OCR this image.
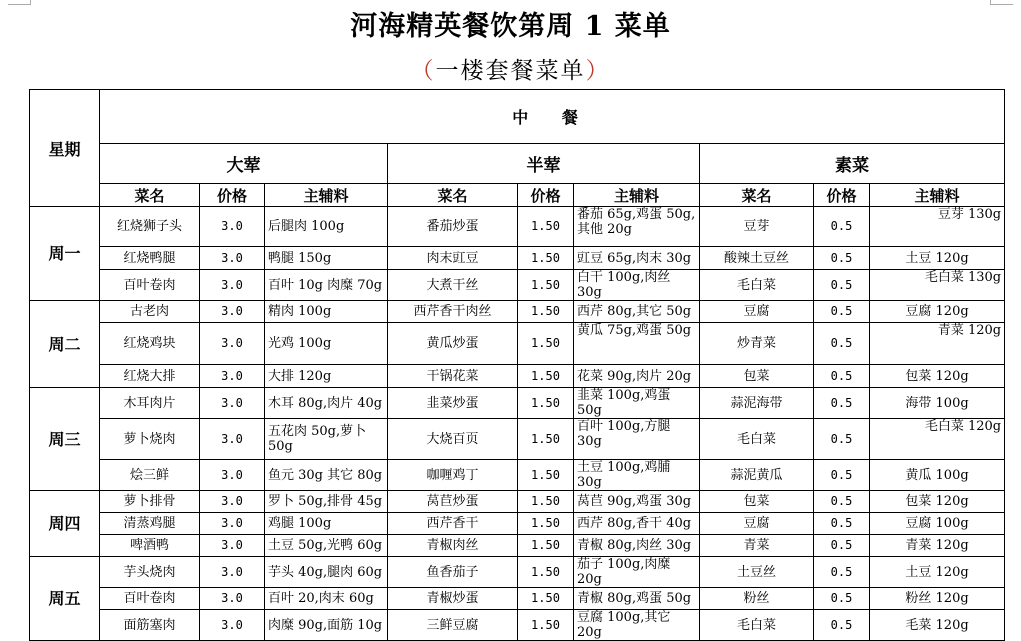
河海精英餐饮第周 1 菜单
（一楼套餐菜单）
星期	中 餐								
	大荤			半荤			素菜		
	菜名	价格	主辅料	菜名	价格	主辅料	菜名	价格	主辅料
周一	红烧狮子头	3.0	后腿肉 100g	番茄炒蛋	1.50	番茄 65g,鸡蛋 50g,其他 20g	豆芽	0.5	豆芽 130g
	红烧鸭腿	3.0	鸭腿 150g	肉末豇豆	1.50	豇豆 65g,肉末 30g	酸辣土豆丝	0.5	土豆 120g
	百叶卷肉	3.0	百叶 10g 肉糜 70g	大煮干丝	1.50	白干 100g,肉丝 30g	毛白菜	0.5	毛白菜 130g
周二	古老肉	3.0	精肉 100g	西芹香干肉丝	1.50	西芹 80g,其它 50g	豆腐	0.5	豆腐 120g
	红烧鸡块	3.0	光鸡 100g	黄瓜炒蛋	1.50	黄瓜 75g,鸡蛋 50g	炒青菜	0.5	青菜 120g
	红烧大排	3.0	大排 120g	干锅花菜	1.50	花菜 90g,肉片 20g	包菜	0.5	包菜 120g
周三	木耳肉片	3.0	木耳 80g,肉片 40g	韭菜炒蛋	1.50	韭菜 100g,鸡蛋 50g	蒜泥海带	0.5	海带 100g
	萝卜烧肉	3.0	五花肉 50g,萝卜 50g	大烧百页	1.50	百叶 100g,方腿 30g	毛白菜	0.5	毛白菜 120g
	烩三鲜	3.0	鱼元 30g 其它 80g	咖喱鸡丁	1.50	土豆 100g,鸡脯 30g	蒜泥黄瓜	0.5	黄瓜 100g
周四	萝卜排骨	3.0	罗卜 50g,排骨 45g	莴苣炒蛋	1.50	莴苣 90g,鸡蛋 30g	包菜	0.5	包菜 120g
	清蒸鸡腿	3.0	鸡腿 100g	西芹香干	1.50	西芹 80g,香干 40g	豆腐	0.5	豆腐 100g
	啤酒鸭	3.0	土豆 50g,光鸭 60g	青椒肉丝	1.50	青椒 80g,肉丝 30g	青菜	0.5	青菜 120g
周五	芋头烧肉	3.0	芋头 40g,腿肉 60g	鱼香茄子	1.50	茄子 100g,肉糜 20g	土豆丝	0.5	土豆 120g
	百叶卷肉	3.0	百叶 20,肉末 60g	青椒炒蛋	1.50	青椒 80g,鸡蛋 50g	粉丝	0.5	粉丝 120g
	面筋塞肉	3.0	肉糜 90g,面筋 10g	三鲜豆腐	1.50	豆腐 100g,其它 20g	毛白菜	0.5	毛菜 120g
